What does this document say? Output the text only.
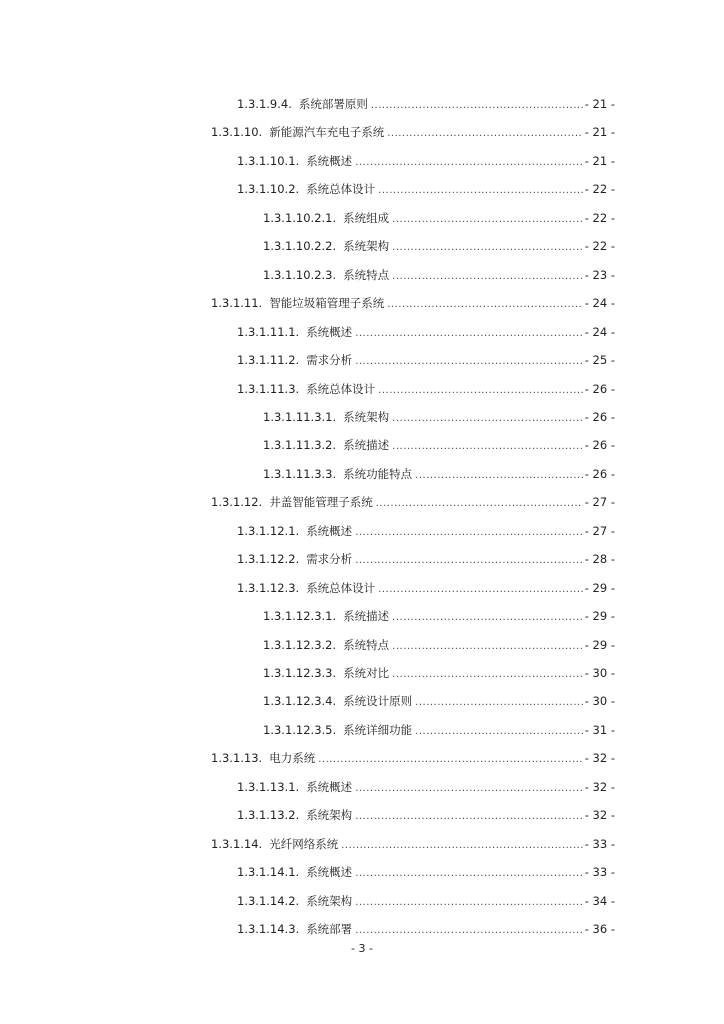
1.3.1.9.4. 系统部署原则 .....	- 21 -
1.3.1.10. 新能源汽车充电子系统 .....	- 21 -
1.3.1.10.1. 系统概述 .....	- 21 -
1.3.1.10.2. 系统总体设计 .....	- 22 -
1.3.1.10.2.1. 系统组成 .....	- 22 -
1.3.1.10.2.2. 系统架构 .....	- 22 -
1.3.1.10.2.3. 系统特点 .....	- 23 -
1.3.1.11. 智能垃圾箱管理子系统 .....	- 24 -
1.3.1.11.1. 系统概述 .....	- 24 -
1.3.1.11.2. 需求分析 .....	- 25 -
1.3.1.11.3. 系统总体设计 .....	- 26 -
1.3.1.11.3.1. 系统架构 .....	- 26 -
1.3.1.11.3.2. 系统描述 .....	- 26 -
1.3.1.11.3.3. 系统功能特点 .....	- 26 -
1.3.1.12. 井盖智能管理子系统 .....	- 27 -
1.3.1.12.1. 系统概述 .....	- 27 -
1.3.1.12.2. 需求分析 .....	- 28 -
1.3.1.12.3. 系统总体设计 .....	- 29 -
1.3.1.12.3.1. 系统描述 .....	- 29 -
1.3.1.12.3.2. 系统特点 .....	- 29 -
1.3.1.12.3.3. 系统对比 .....	- 30 -
1.3.1.12.3.4. 系统设计原则 .....	- 30 -
1.3.1.12.3.5. 系统详细功能 .....	- 31 -
1.3.1.13. 电力系统 .....	- 32 -
1.3.1.13.1. 系统概述 .....	- 32 -
1.3.1.13.2. 系统架构 .....	- 32 -
1.3.1.14. 光纤网络系统 .....	- 33 -
1.3.1.14.1. 系统概述 .....	- 33 -
1.3.1.14.2. 系统架构 .....	- 34 -
1.3.1.14.3. 系统部署 .....	- 36 -
- 3 -
